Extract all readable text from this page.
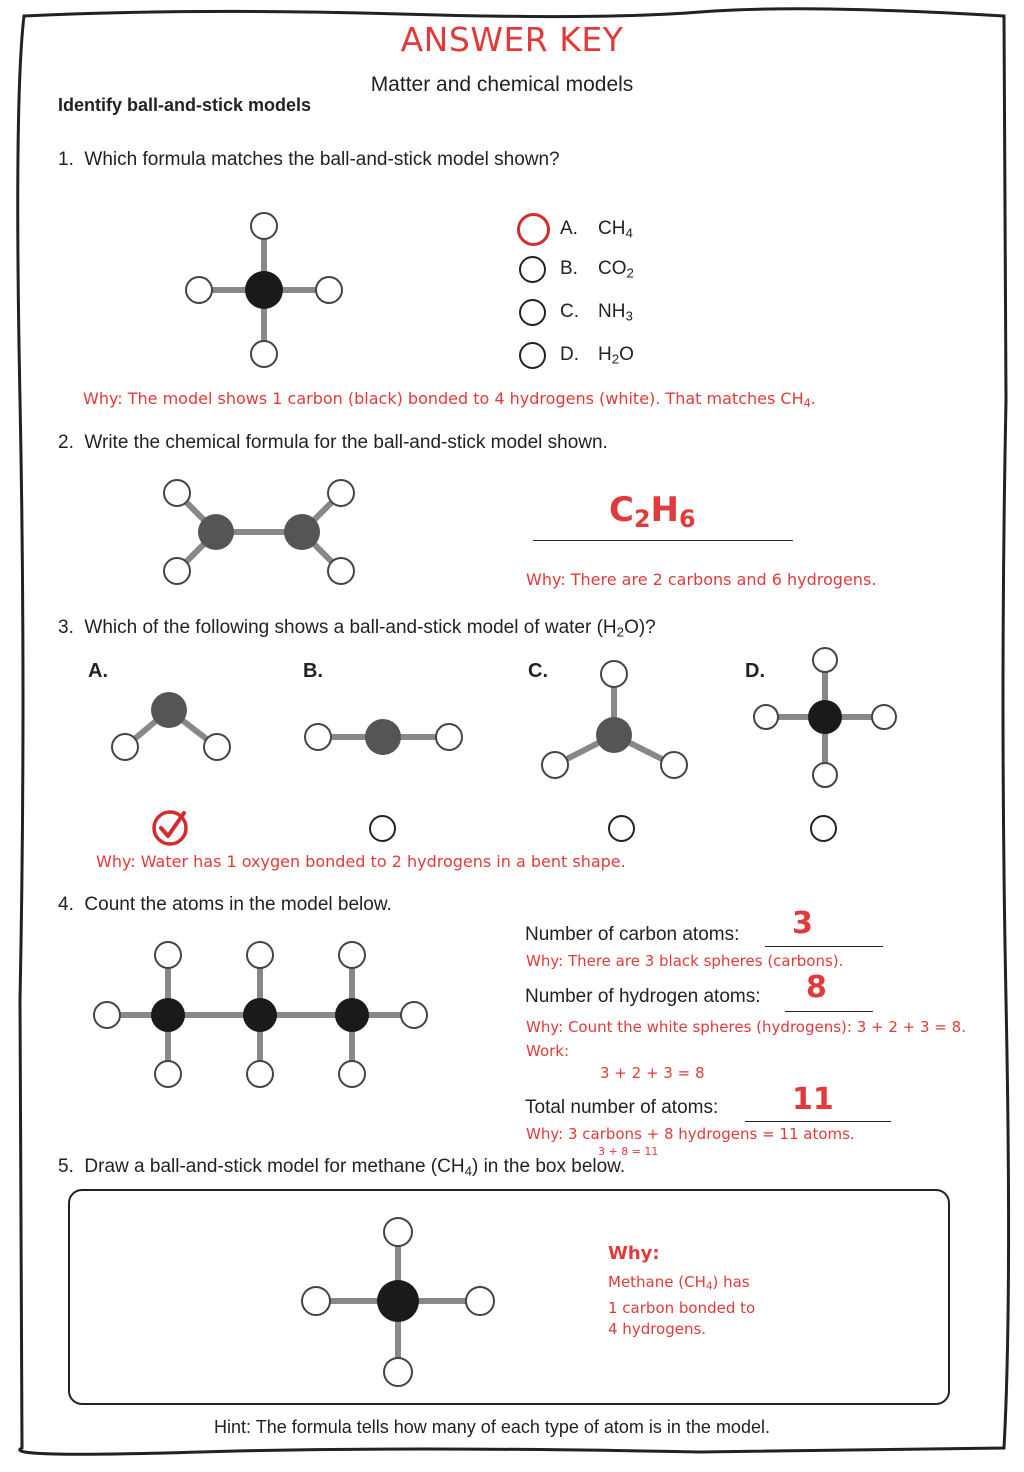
ANSWER KEY
Matter and chemical models
Identify ball-and-stick models
1. Which formula matches the ball-and-stick model shown?
A. $CH_4$
B. $CO_2$
C. $NH_3$
D. $H_2O$
Why: The model shows 1 carbon (black) bonded to 4 hydrogens (white). That matches $CH_4$.
2. Write the chemical formula for the ball-and-stick model shown.
$C_2H_6$
Why: There are 2 carbons and 6 hydrogens.
3. Which of the following shows a ball-and-stick model of water $(H_2O)$?
A.	B.	C.	D.
Why: Water has 1 oxygen bonded to 2 hydrogens in a bent shape.
4. Count the atoms in the model below.
Number of carbon atoms: 3
Why: There are 3 black spheres (carbons).
Number of hydrogen atoms: 8
Why: Count the white spheres (hydrogens): 3 + 2 + 3 = 8.
Work:
3 + 2 + 3 = 8
Total number of atoms: 11
Why: 3 carbons + 8 hydrogens = 11 atoms.
3 + 8 = 11
5. Draw a ball-and-stick model for methane $(CH_4)$ in the box below.
Why:
Methane $(CH_4)$ has
1 carbon bonded to
4 hydrogens.
Hint: The formula tells how many of each type of atom is in the model.
